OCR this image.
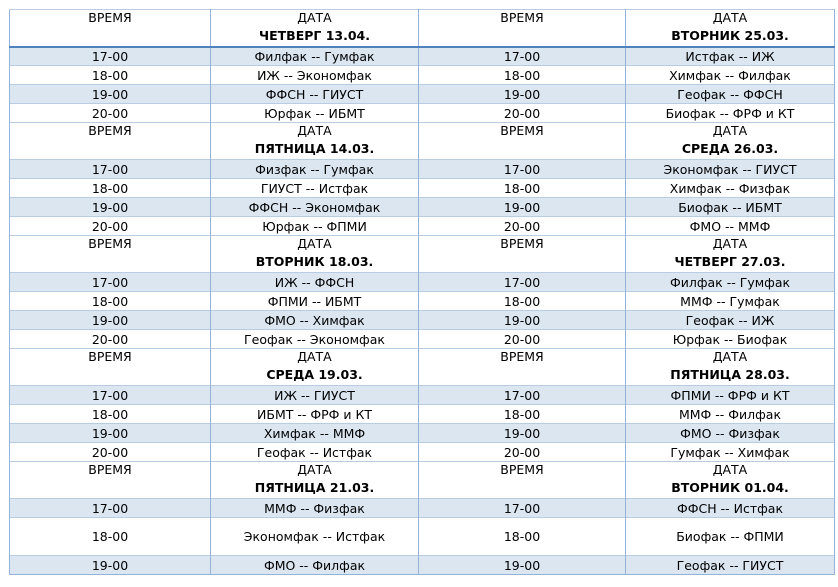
ВРЕМЯ	ДАТА	ВРЕМЯ	ДАТА
	ЧЕТВЕРГ 13.04.		ВТОРНИК 25.03.
17-00	Филфак -- Гумфак	17-00	Истфак -- ИЖ
18-00	ИЖ -- Экономфак	18-00	Химфак -- Филфак
19-00	ФФСН -- ГИУСТ	19-00	Геофак -- ФФСН
20-00	Юрфак -- ИБМТ	20-00	Биофак -- ФРФ и КТ
ВРЕМЯ	ДАТА	ВРЕМЯ	ДАТА
	ПЯТНИЦА 14.03.		СРЕДА 26.03.
17-00	Физфак -- Гумфак	17-00	Экономфак -- ГИУСТ
18-00	ГИУСТ -- Истфак	18-00	Химфак -- Физфак
19-00	ФФСН -- Экономфак	19-00	Биофак -- ИБМТ
20-00	Юрфак -- ФПМИ	20-00	ФМО -- ММФ
ВРЕМЯ	ДАТА	ВРЕМЯ	ДАТА
	ВТОРНИК 18.03.		ЧЕТВЕРГ 27.03.
17-00	ИЖ -- ФФСН	17-00	Филфак -- Гумфак
18-00	ФПМИ -- ИБМТ	18-00	ММФ -- Гумфак
19-00	ФМО -- Химфак	19-00	Геофак -- ИЖ
20-00	Геофак -- Экономфак	20-00	Юрфак -- Биофак
ВРЕМЯ	ДАТА	ВРЕМЯ	ДАТА
	СРЕДА 19.03.		ПЯТНИЦА 28.03.
17-00	ИЖ -- ГИУСТ	17-00	ФПМИ -- ФРФ и КТ
18-00	ИБМТ -- ФРФ и КТ	18-00	ММФ -- Филфак
19-00	Химфак -- ММФ	19-00	ФМО -- Физфак
20-00	Геофак -- Истфак	20-00	Гумфак -- Химфак
ВРЕМЯ	ДАТА	ВРЕМЯ	ДАТА
	ПЯТНИЦА 21.03.		ВТОРНИК 01.04.
17-00	ММФ -- Физфак	17-00	ФФСН -- Истфак
18-00	Экономфак -- Истфак	18-00	Биофак -- ФПМИ
19-00	ФМО -- Филфак	19-00	Геофак -- ГИУСТ
